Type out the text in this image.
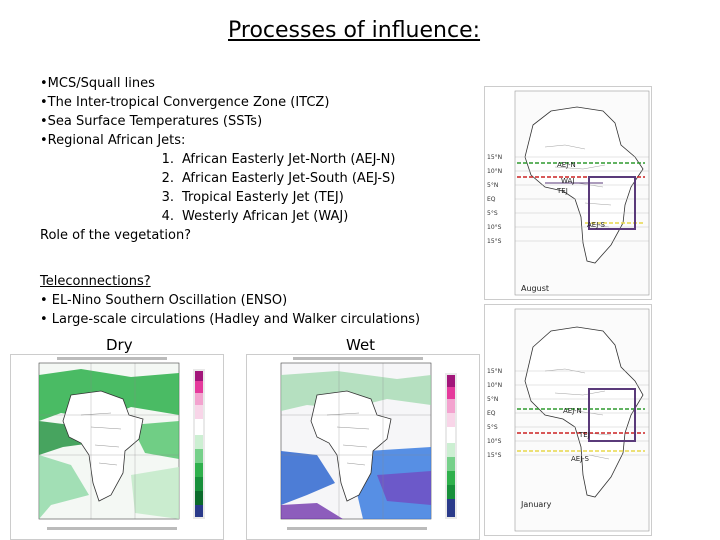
Processes of influence:
•MCS/Squall lines
•The Inter-tropical Convergence Zone (ITCZ)
•Sea Surface Temperatures (SSTs)
•Regional African Jets:
1. African Easterly Jet-North (AEJ-N)
2. African Easterly Jet-South (AEJ-S)
3. Tropical Easterly Jet (TEJ)
4. Westerly African Jet (WAJ)
Role of the vegetation?
Teleconnections?
• EL-Nino Southern Oscillation (ENSO)
• Large-scale circulations (Hadley and Walker circulations)
Dry	Wet
15°N
10°N
5°N
EQ
5°S
10°S
15°S
AEJ-N
WAJ
TEJ
AEJ-S
August
15°N
10°N
5°N
EQ
5°S
10°S
15°S
AEJ-N
TEJ
AEJ-S
January
